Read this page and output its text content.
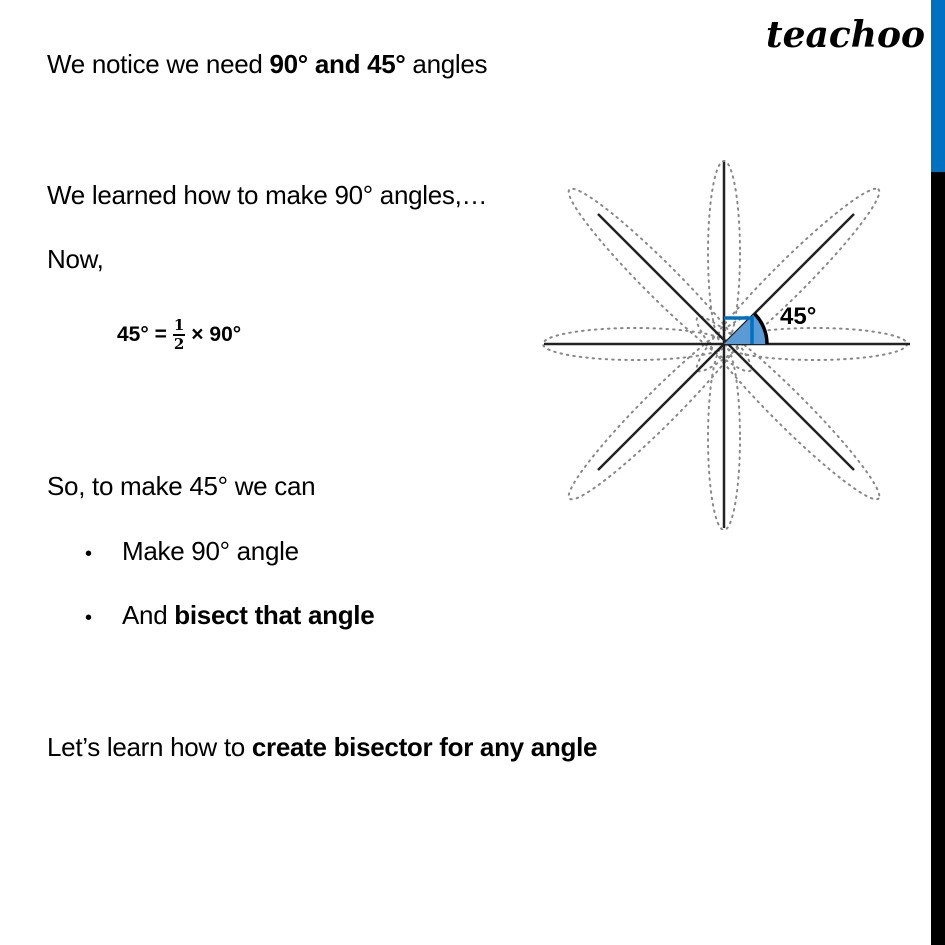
teachoo
We notice we need 90° and 45° angles
We learned how to make 90° angles,…
Now,
$45^\circ = \frac{1}{2} \times 90^\circ$
So, to make 45° we can
• Make 90° angle
• And bisect that angle
Let’s learn how to create bisector for any angle
45°
